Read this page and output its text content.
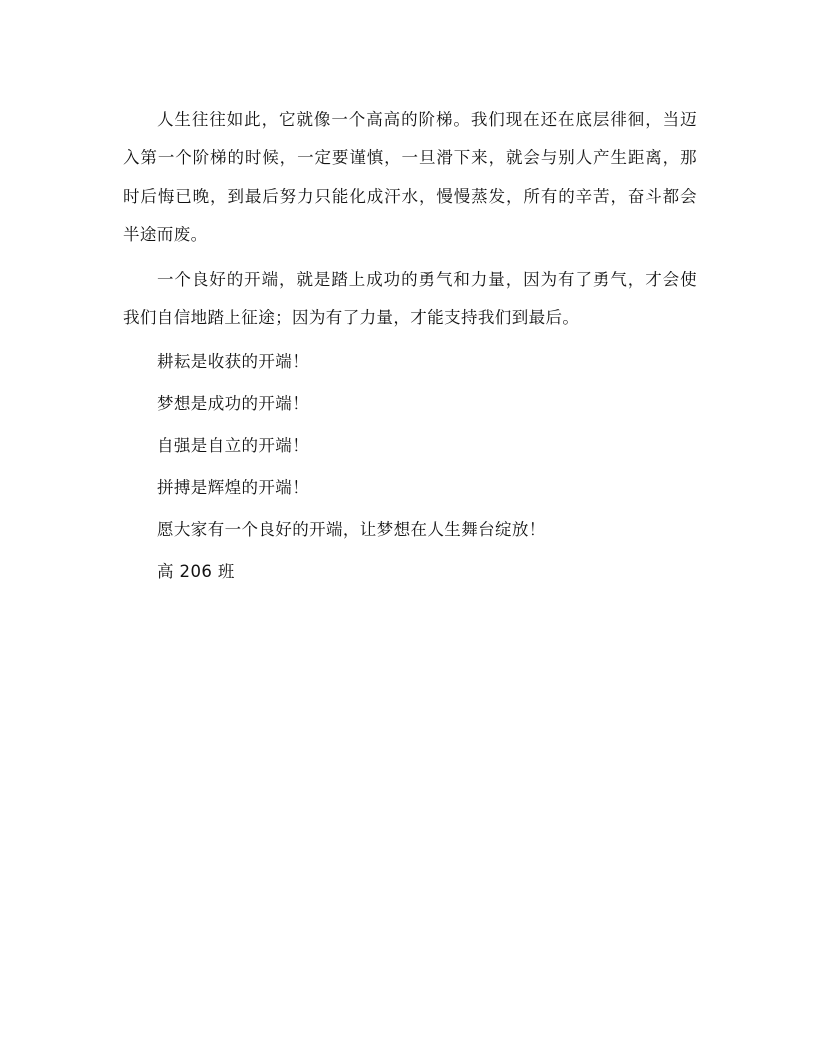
人生往往如此，它就像一个高高的阶梯。我们现在还在底层徘徊，当迈入第一个阶梯的时候，一定要谨慎，一旦滑下来，就会与别人产生距离，那时后悔已晚，到最后努力只能化成汗水，慢慢蒸发，所有的辛苦，奋斗都会半途而废。

一个良好的开端，就是踏上成功的勇气和力量，因为有了勇气，才会使我们自信地踏上征途；因为有了力量，才能支持我们到最后。

耕耘是收获的开端！

梦想是成功的开端！

自强是自立的开端！

拼搏是辉煌的开端！

愿大家有一个良好的开端，让梦想在人生舞台绽放！

高 206 班
